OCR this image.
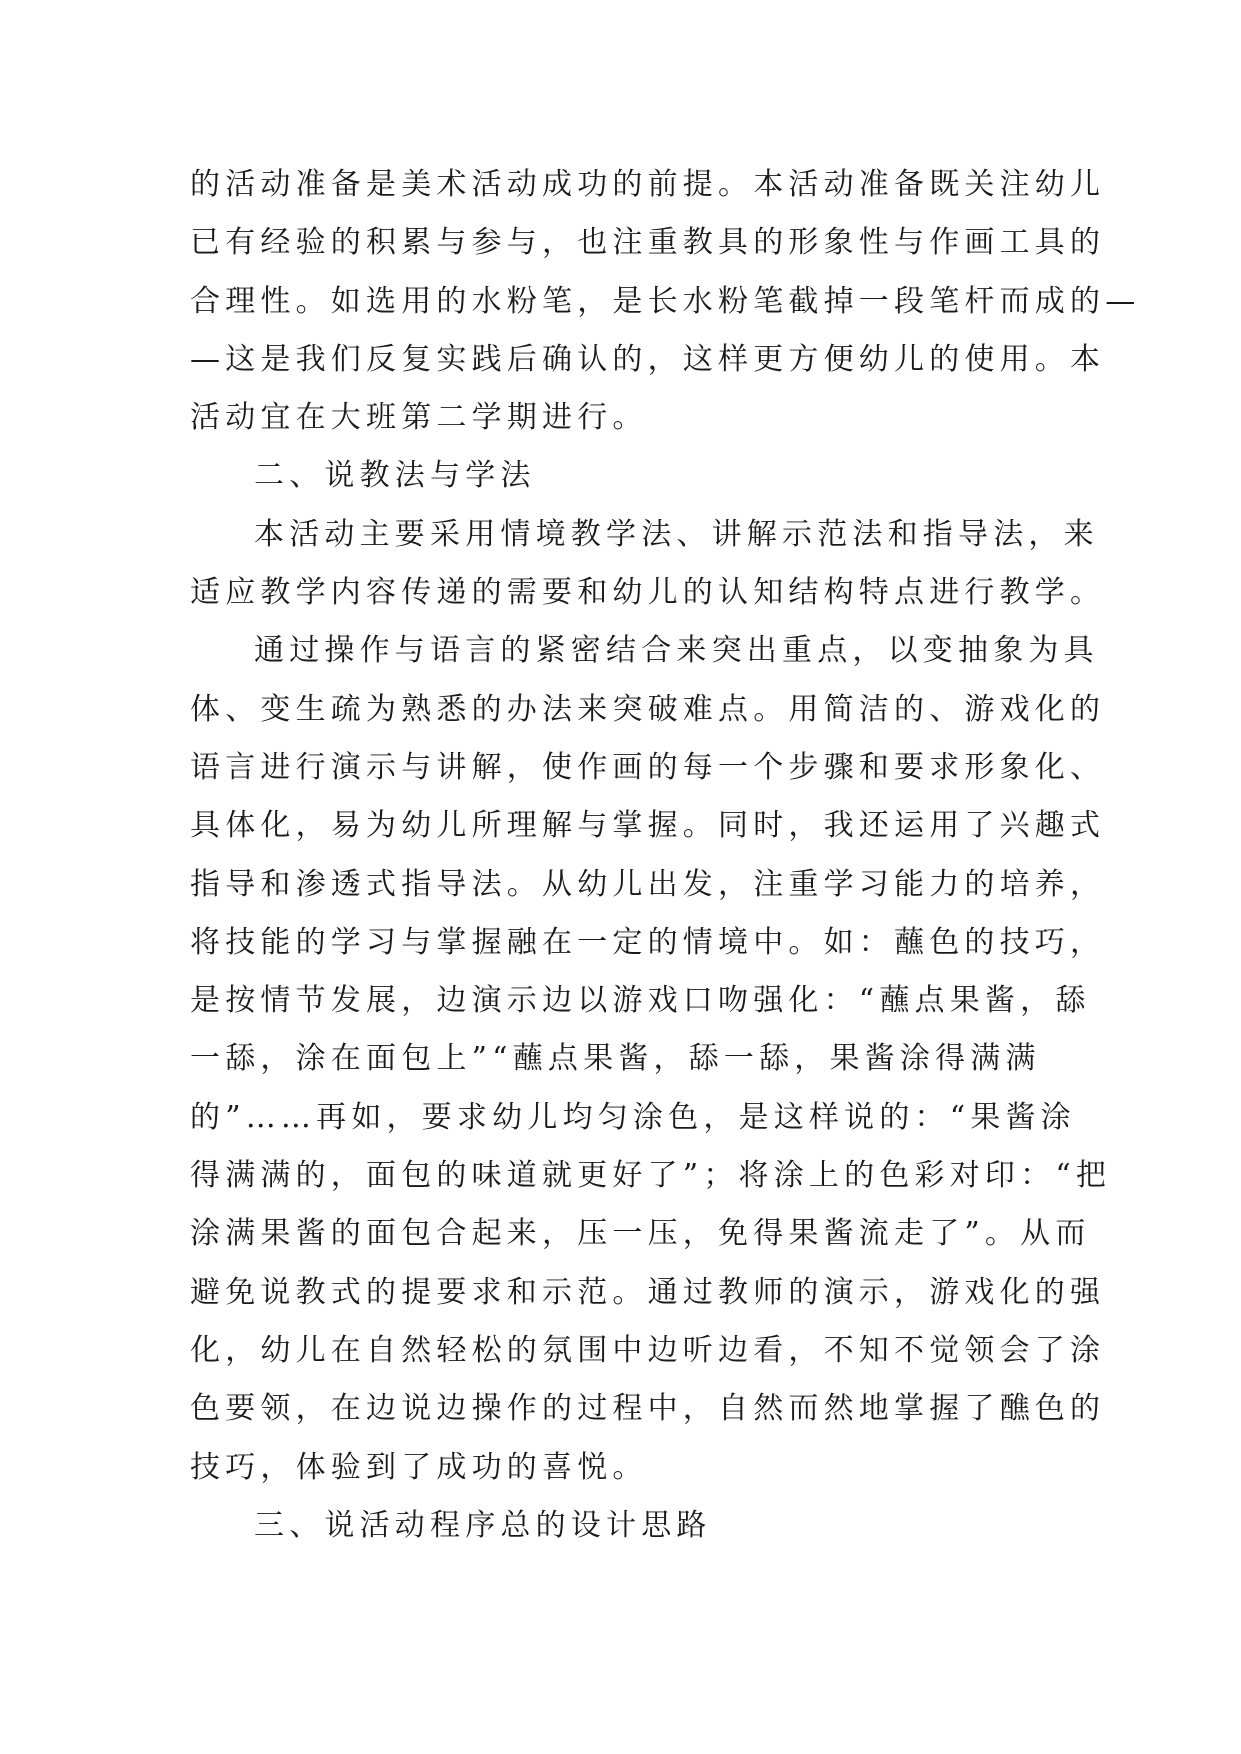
的活动准备是美术活动成功的前提。本活动准备既关注幼儿
已有经验的积累与参与，也注重教具的形象性与作画工具的
合理性。如选用的水粉笔，是长水粉笔截掉一段笔杆而成的—
—这是我们反复实践后确认的，这样更方便幼儿的使用。本
活动宜在大班第二学期进行。
二、说教法与学法
本活动主要采用情境教学法、讲解示范法和指导法，来
适应教学内容传递的需要和幼儿的认知结构特点进行教学。
通过操作与语言的紧密结合来突出重点，以变抽象为具
体、变生疏为熟悉的办法来突破难点。用简洁的、游戏化的
语言进行演示与讲解，使作画的每一个步骤和要求形象化、
具体化，易为幼儿所理解与掌握。同时，我还运用了兴趣式
指导和渗透式指导法。从幼儿出发，注重学习能力的培养，
将技能的学习与掌握融在一定的情境中。如：蘸色的技巧，
是按情节发展，边演示边以游戏口吻强化：“蘸点果酱，舔
一舔，涂在面包上”“蘸点果酱，舔一舔，果酱涂得满满
的”……再如，要求幼儿均匀涂色，是这样说的：“果酱涂
得满满的，面包的味道就更好了”；将涂上的色彩对印：“把
涂满果酱的面包合起来，压一压，免得果酱流走了”。从而
避免说教式的提要求和示范。通过教师的演示，游戏化的强
化，幼儿在自然轻松的氛围中边听边看，不知不觉领会了涂
色要领，在边说边操作的过程中，自然而然地掌握了醮色的
技巧，体验到了成功的喜悦。
三、说活动程序总的设计思路
